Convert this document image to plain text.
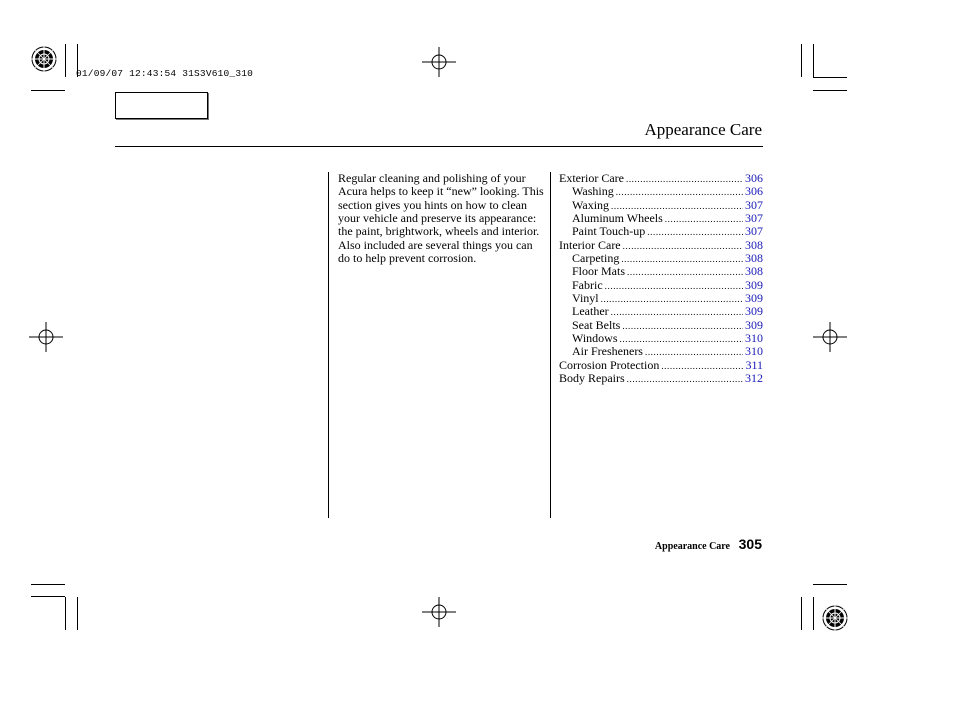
01/09/07 12:43:54 31S3V610_310
Appearance Care
Regular cleaning and polishing of your Acura helps to keep it “new” looking. This section gives you hints on how to clean your vehicle and preserve its appearance: the paint, brightwork, wheels and interior. Also included are several things you can do to help prevent corrosion.
Exterior Care .....	306
Washing .....	306
Waxing .....	307
Aluminum Wheels .....	307
Paint Touch-up .....	307
Interior Care .....	308
Carpeting .....	308
Floor Mats .....	308
Fabric .....	309
Vinyl .....	309
Leather .....	309
Seat Belts .....	309
Windows .....	310
Air Fresheners .....	310
Corrosion Protection .....	311
Body Repairs .....	312
Appearance Care 305
